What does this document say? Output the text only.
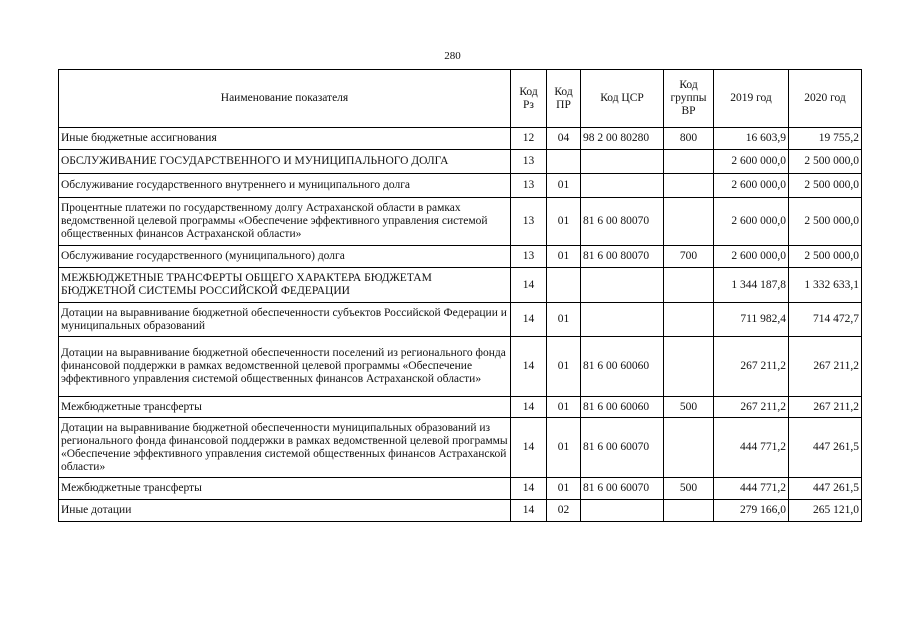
280
Наименование показателя	Код Рз	Код ПР	Код ЦСР	Код группы ВР	2019 год	2020 год
Иные бюджетные ассигнования	12	04	98 2 00 80280	800	16 603,9	19 755,2
ОБСЛУЖИВАНИЕ ГОСУДАРСТВЕННОГО И МУНИЦИПАЛЬНОГО ДОЛГА	13				2 600 000,0	2 500 000,0
Обслуживание государственного внутреннего и муниципального долга	13	01			2 600 000,0	2 500 000,0
Процентные платежи по государственному долгу Астраханской области в рамках ведомственной целевой программы «Обеспечение эффективного управления системой общественных финансов Астраханской области»	13	01	81 6 00 80070		2 600 000,0	2 500 000,0
Обслуживание государственного (муниципального) долга	13	01	81 6 00 80070	700	2 600 000,0	2 500 000,0
МЕЖБЮДЖЕТНЫЕ ТРАНСФЕРТЫ ОБЩЕГО ХАРАКТЕРА БЮДЖЕТАМ БЮДЖЕТНОЙ СИСТЕМЫ РОССИЙСКОЙ ФЕДЕРАЦИИ	14				1 344 187,8	1 332 633,1
Дотации на выравнивание бюджетной обеспеченности субъектов Российской Федерации и муниципальных образований	14	01			711 982,4	714 472,7
Дотации на выравнивание бюджетной обеспеченности поселений из регионального фонда финансовой поддержки в рамках ведомственной целевой программы «Обеспечение эффективного управления системой общественных финансов Астраханской области»	14	01	81 6 00 60060		267 211,2	267 211,2
Межбюджетные трансферты	14	01	81 6 00 60060	500	267 211,2	267 211,2
Дотации на выравнивание бюджетной обеспеченности муниципальных образований из регионального фонда финансовой поддержки в рамках ведомственной целевой программы «Обеспечение эффективного управления системой общественных финансов Астраханской области»	14	01	81 6 00 60070		444 771,2	447 261,5
Межбюджетные трансферты	14	01	81 6 00 60070	500	444 771,2	447 261,5
Иные дотации	14	02			279 166,0	265 121,0
